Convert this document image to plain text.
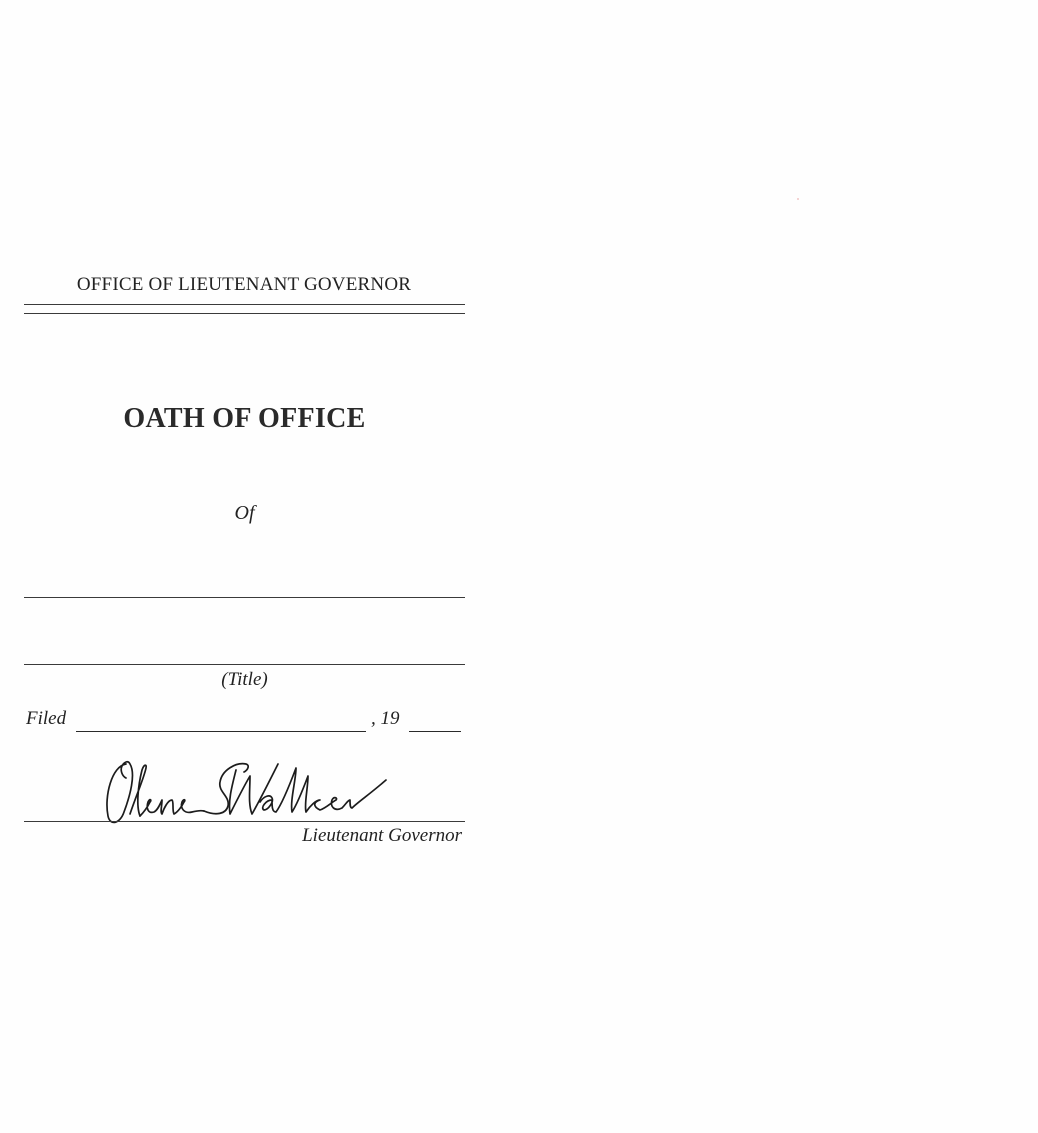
OFFICE OF LIEUTENANT GOVERNOR
OATH OF OFFICE
Of
(Title)
Filed	, 19
Lieutenant Governor
